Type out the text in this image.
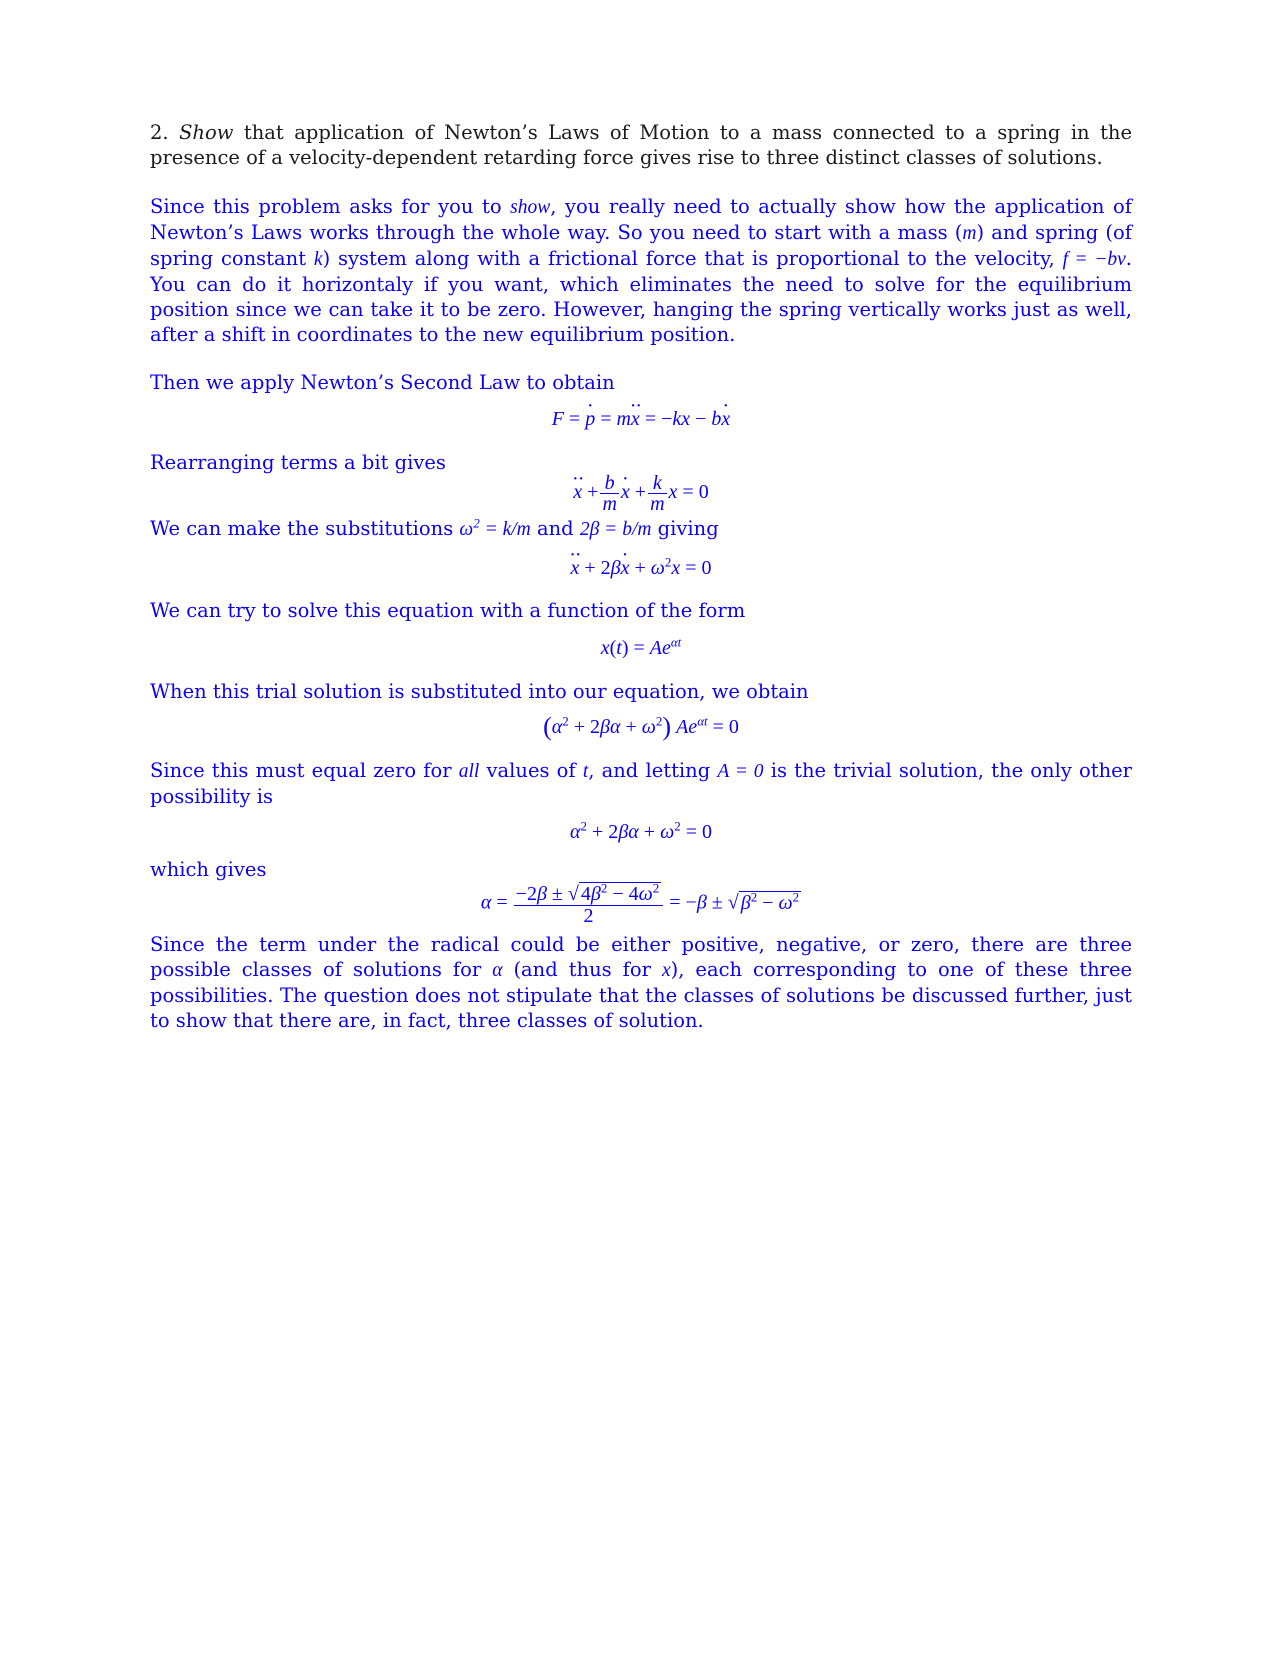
2. Show that application of Newton’s Laws of Motion to a mass connected to a spring in the presence of a velocity-dependent retarding force gives rise to three distinct classes of solutions.

Since this problem asks for you to show, you really need to actually show how the application of Newton’s Laws works through the whole way. So you need to start with a mass (m) and spring (of spring constant k) system along with a frictional force that is proportional to the velocity, f = −bv. You can do it horizontaly if you want, which eliminates the need to solve for the equilibrium position since we can take it to be zero. However, hanging the spring vertically works just as well, after a shift in coordinates to the new equilibrium position.

Then we apply Newton’s Second Law to obtain

F = p · = mx ·· = −kx − bx ·

Rearranging terms a bit gives

x ·· + $\frac{b}{m}$ x · + $\frac{k}{m}$ x = 0

We can make the substitutions $\omega^2 = k/m$ and 2β = b/m giving

x ·· + 2βx · + $\omega^2x = 0$

We can try to solve this equation with a function of the form

$x(t) = Ae^{\alpha t}$

When this trial solution is substituted into our equation, we obtain

$(\alpha^2 + 2\beta\alpha + \omega^2) Ae^{\alpha t} = 0$

Since this must equal zero for all values of t, and letting A = 0 is the trivial solution, the only other possibility is

$\alpha^2 + 2\beta\alpha + \omega^2 = 0$

which gives

$\alpha = \frac{-2\beta \pm √ 4\beta^2 - 4\omega^2}{2} = -\beta$ ± √ $\beta^2 - \omega^2$

Since the term under the radical could be either positive, negative, or zero, there are three possible classes of solutions for α (and thus for x), each corresponding to one of these three possibilities. The question does not stipulate that the classes of solutions be discussed further, just to show that there are, in fact, three classes of solution.
